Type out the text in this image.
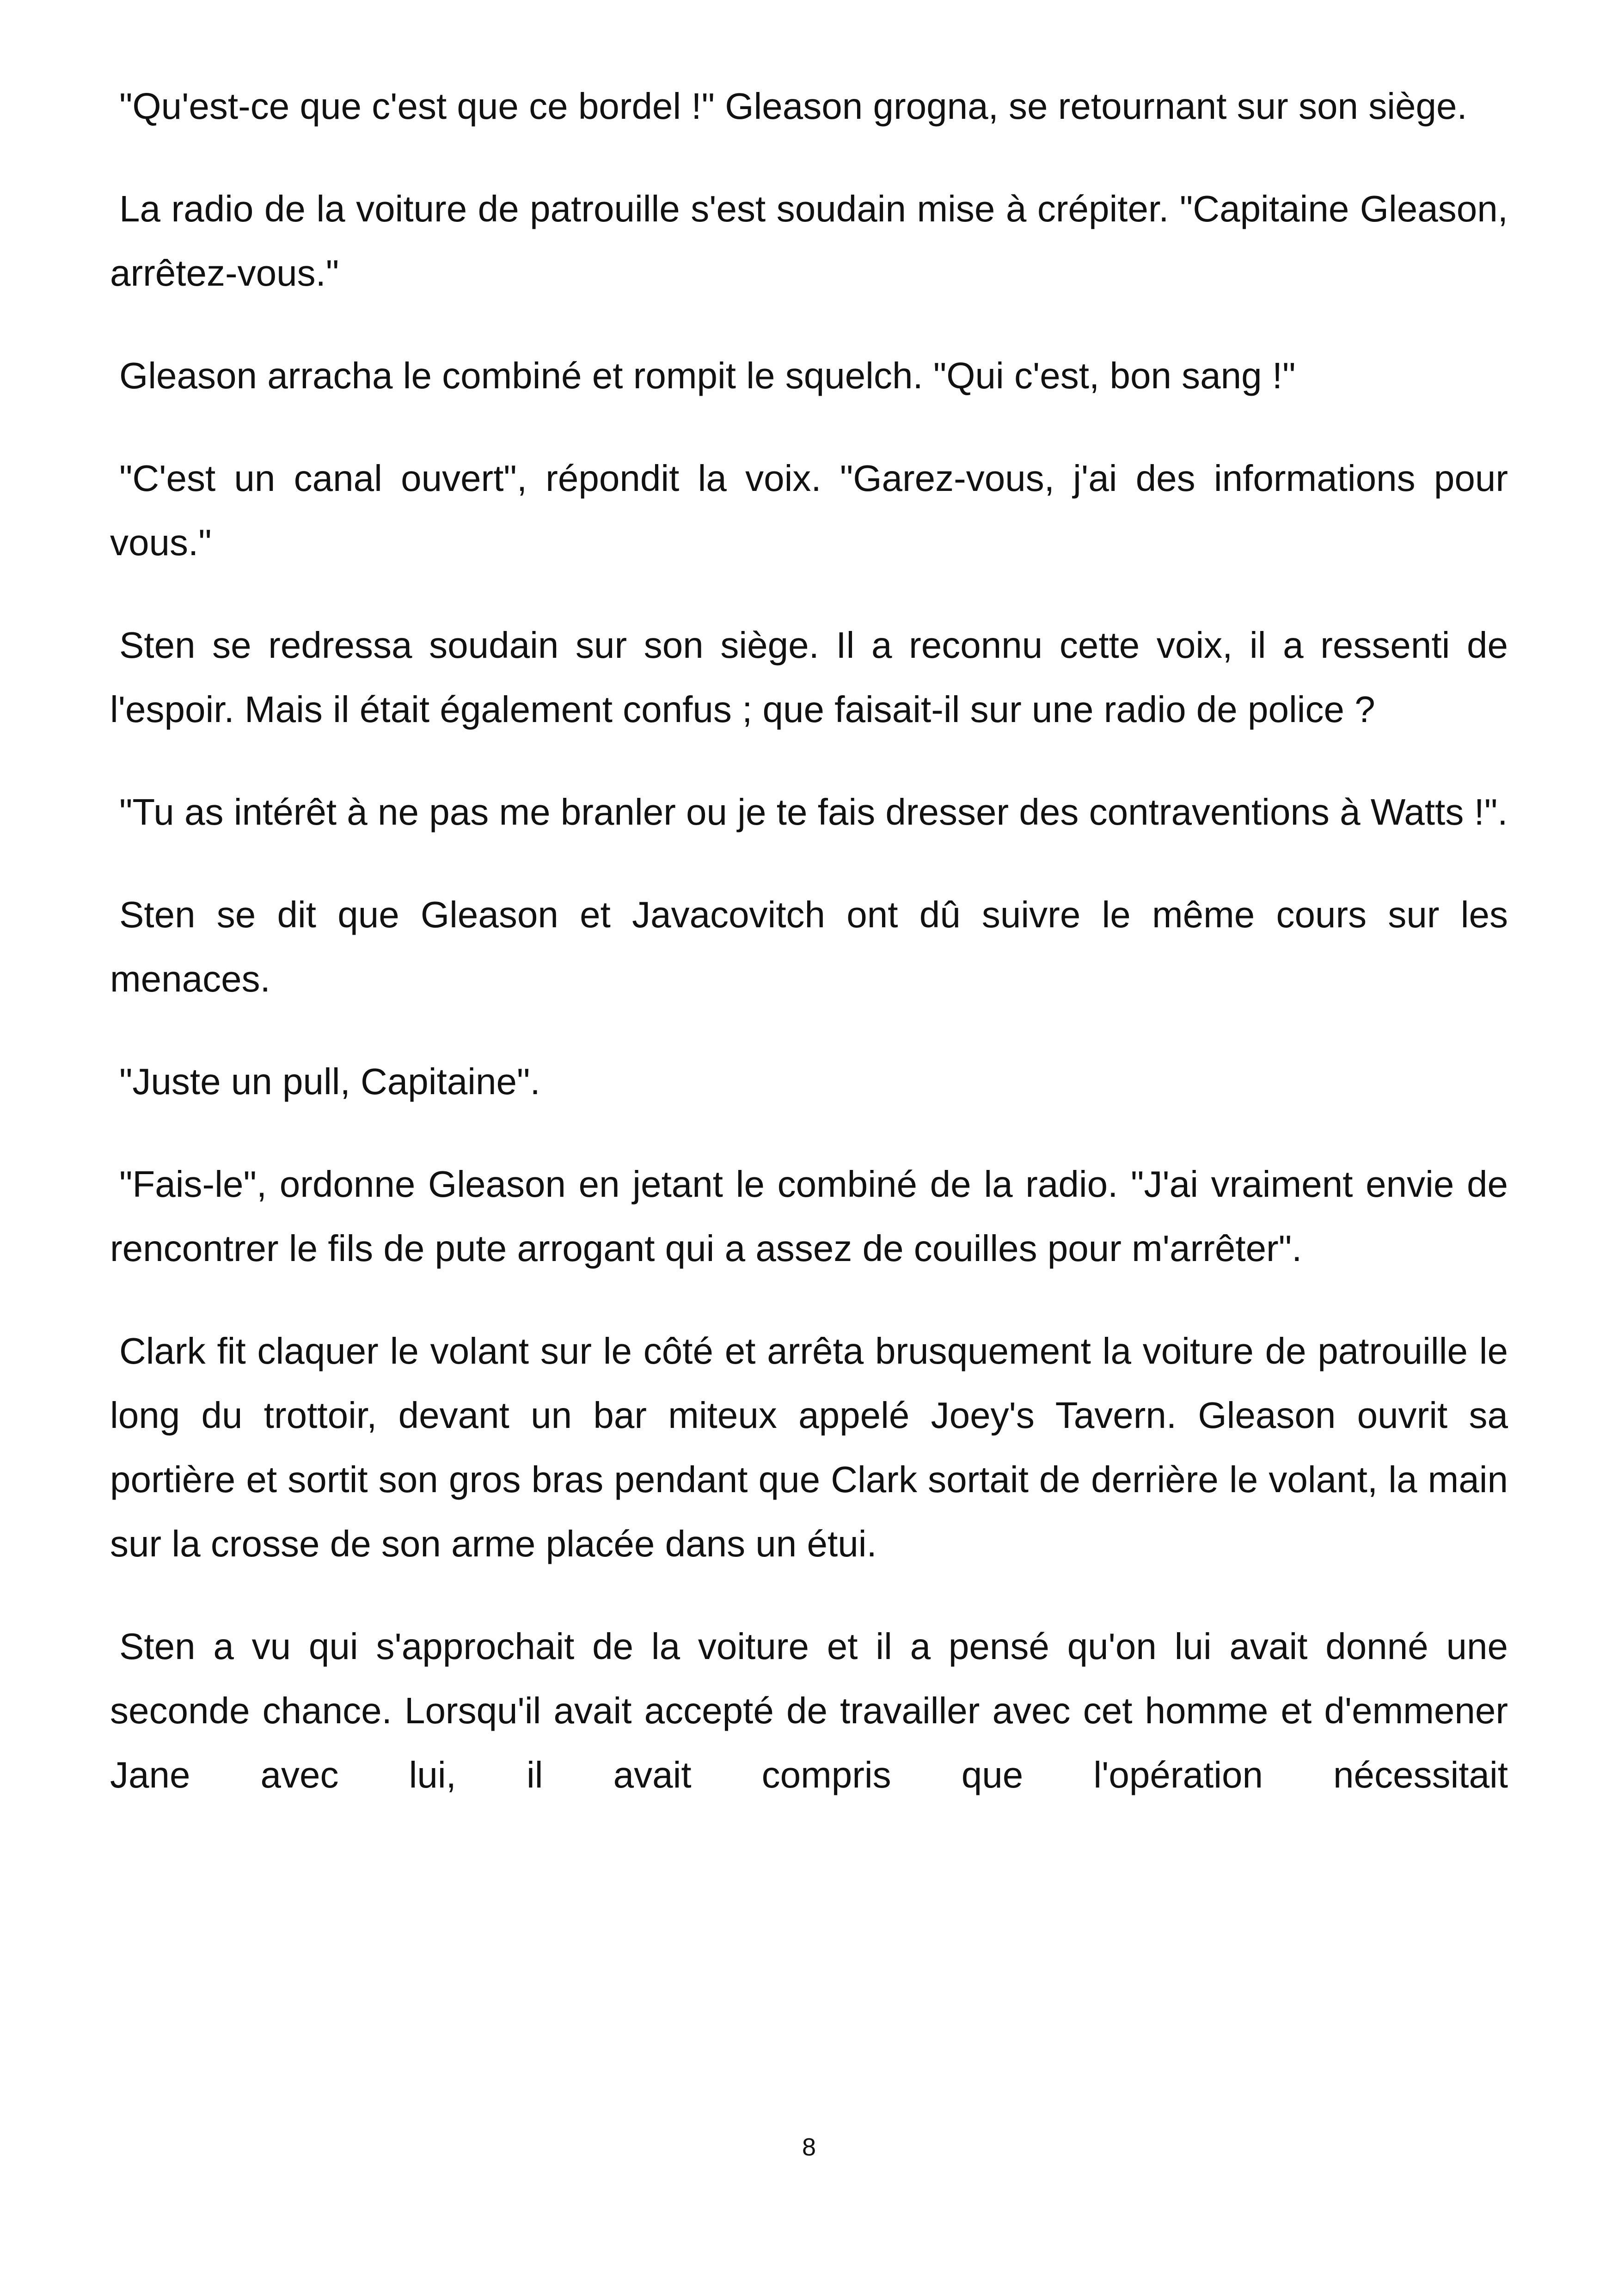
"Qu'est-ce que c'est que ce bordel !" Gleason grogna, se retournant sur son siège.

La radio de la voiture de patrouille s'est soudain mise à crépiter. "Capitaine Gleason, arrêtez-vous."

Gleason arracha le combiné et rompit le squelch. "Qui c'est, bon sang !"

"C'est un canal ouvert", répondit la voix. "Garez-vous, j'ai des informations pour vous."

Sten se redressa soudain sur son siège. Il a reconnu cette voix, il a ressenti de l'espoir. Mais il était également confus ; que faisait-il sur une radio de police ?

"Tu as intérêt à ne pas me branler ou je te fais dresser des contraventions à Watts !".

Sten se dit que Gleason et Javacovitch ont dû suivre le même cours sur les menaces.

"Juste un pull, Capitaine".

"Fais-le", ordonne Gleason en jetant le combiné de la radio. "J'ai vraiment envie de rencontrer le fils de pute arrogant qui a assez de couilles pour m'arrêter".

Clark fit claquer le volant sur le côté et arrêta brusquement la voiture de patrouille le long du trottoir, devant un bar miteux appelé Joey's Tavern. Gleason ouvrit sa portière et sortit son gros bras pendant que Clark sortait de derrière le volant, la main sur la crosse de son arme placée dans un étui.

Sten a vu qui s'approchait de la voiture et il a pensé qu'on lui avait donné une seconde chance. Lorsqu'il avait accepté de travailler avec cet homme et d'emmener Jane avec lui, il avait compris que l'opération nécessitait

8
